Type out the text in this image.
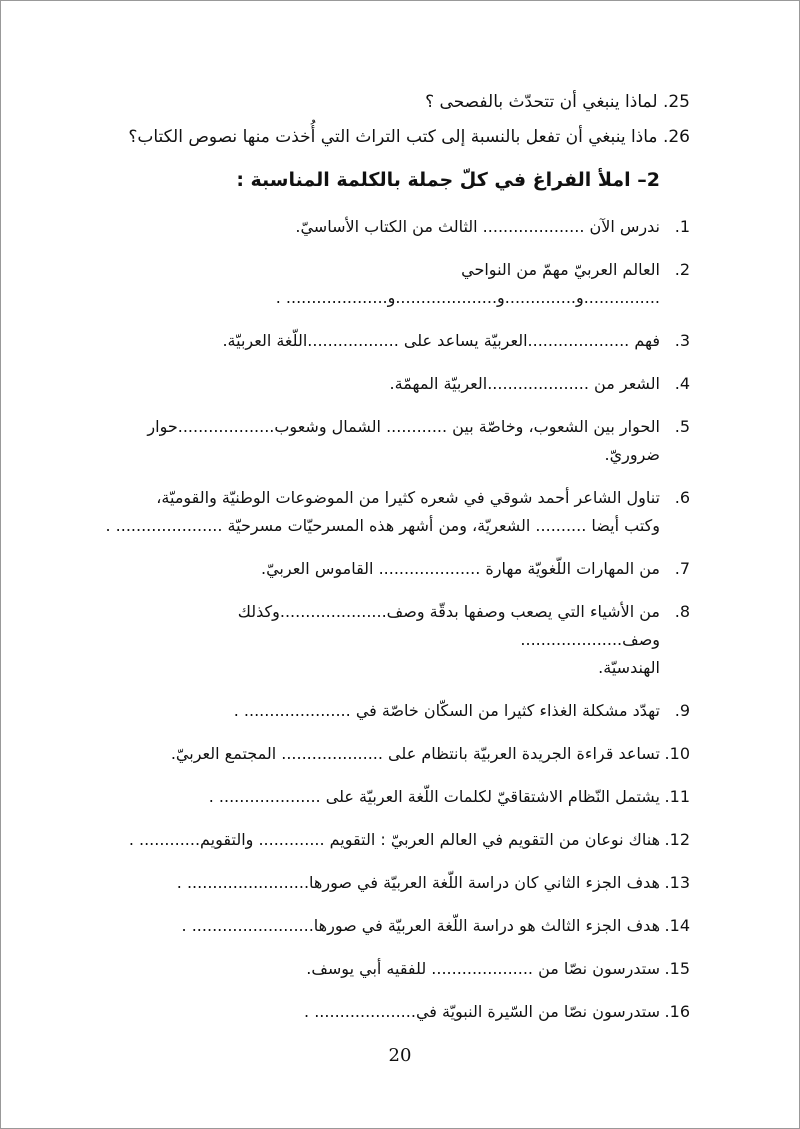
25. لماذا ينبغي أن تتحدّث بالفصحى ؟
26. ماذا ينبغي أن تفعل بالنسبة إلى كتب التراث التي أُخذت منها نصوص الكتاب؟
2– املأ الفراغ في كلّ جملة بالكلمة المناسبة :
1.
ندرس الآن .................... الثالث من الكتاب الأساسيّ.
2.
العالم العربيّ مهمّ من النواحي ...............و..............و....................و.................... .
3.
فهم ....................العربيّة يساعد على ..................اللّغة العربيّة.
4.
الشعر من ....................العربيّة المهمّة.
5.
الحوار بين الشعوب، وخاصّة بين ............ الشمال وشعوب...................حوار ضروريّ.
6.
تناول الشاعر أحمد شوقي في شعره كثيرا من الموضوعات الوطنيّة والقوميّة،
وكتب أيضا .......... الشعريّة، ومن أشهر هذه المسرحيّات مسرحيّة ..................... .
7.
من المهارات اللّغويّة مهارة .................... القاموس العربيّ.
8.
من الأشياء التي يصعب وصفها بدقّة وصف.....................وكذلك وصف....................
الهندسيّة.
9.
تهدّد مشكلة الغذاء كثيرا من السكّان خاصّة في ..................... .
10.
تساعد قراءة الجريدة العربيّة بانتظام على .................... المجتمع العربيّ.
11.
يشتمل النّظام الاشتقاقيّ لكلمات اللّغة العربيّة على .................... .
12.
هناك نوعان من التقويم في العالم العربيّ : التقويم ............. والتقويم............ .
13.
هدف الجزء الثاني كان دراسة اللّغة العربيّة في صورها........................ .
14.
هدف الجزء الثالث هو دراسة اللّغة العربيّة في صورها........................ .
15.
ستدرسون نصّا من .................... للفقيه أبي يوسف.
16.
ستدرسون نصّا من السّيرة النبويّة في.................... .
20
